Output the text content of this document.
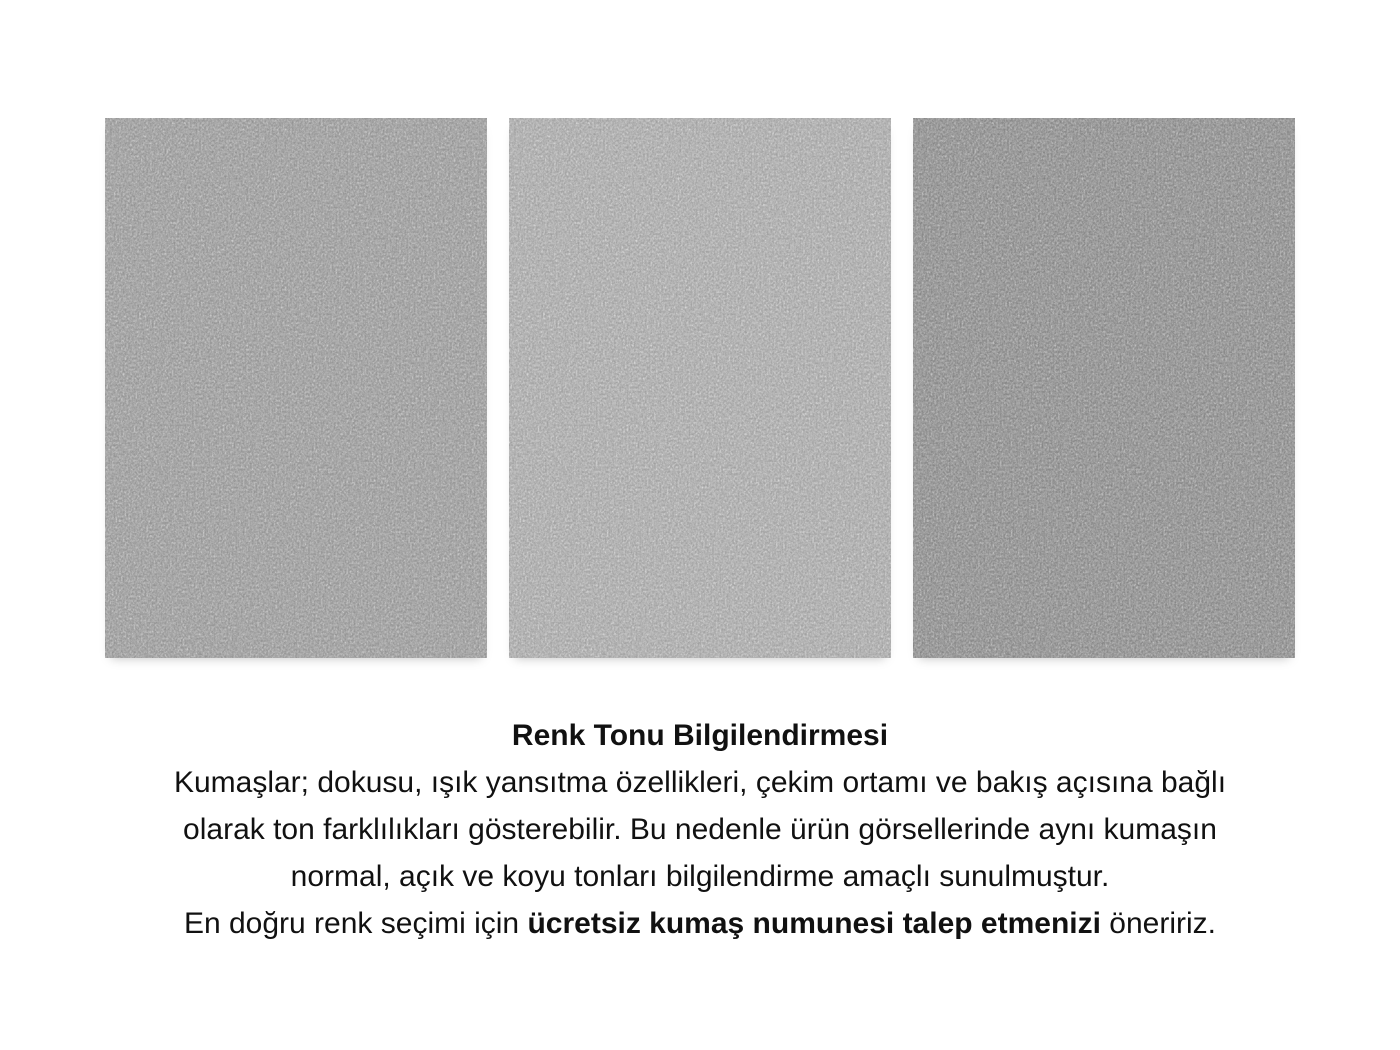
Renk Tonu Bilgilendirmesi
Kumaşlar; dokusu, ışık yansıtma özellikleri, çekim ortamı ve bakış açısına bağlı
olarak ton farklılıkları gösterebilir. Bu nedenle ürün görsellerinde aynı kumaşın
normal, açık ve koyu tonları bilgilendirme amaçlı sunulmuştur.
En doğru renk seçimi için ücretsiz kumaş numunesi talep etmenizi öneririz.
